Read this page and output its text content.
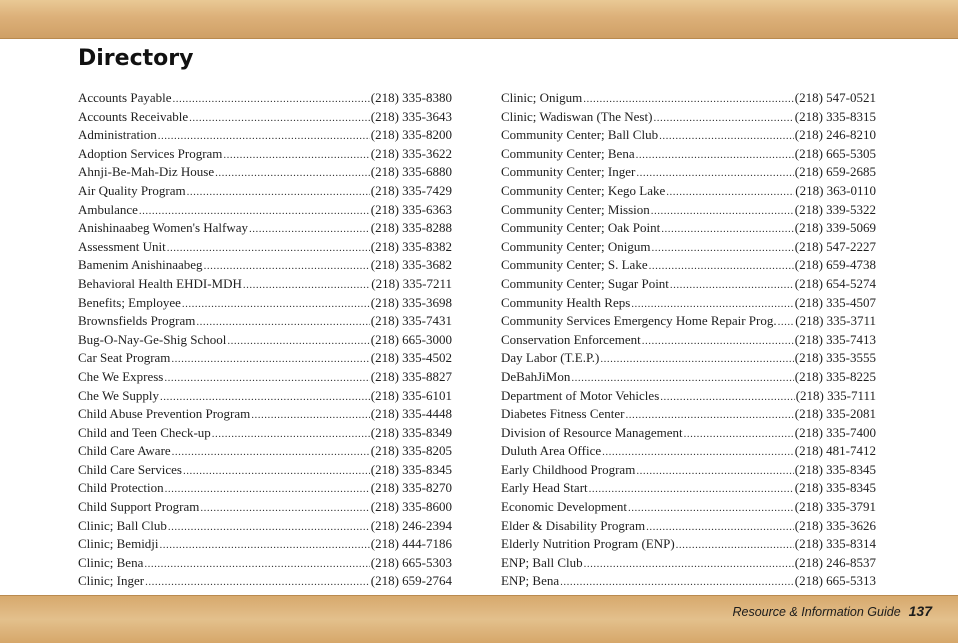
Directory
Accounts Payable .....	(218) 335-8380
Accounts Receivable .....	(218) 335-3643
Administration .....	(218) 335-8200
Adoption Services Program .....	(218) 335-3622
Ahnji-Be-Mah-Diz House .....	(218) 335-6880
Air Quality Program .....	(218) 335-7429
Ambulance .....	(218) 335-6363
Anishinaabeg Women's Halfway .....	(218) 335-8288
Assessment Unit .....	(218) 335-8382
Bamenim Anishinaabeg .....	(218) 335-3682
Behavioral Health EHDI-MDH .....	(218) 335-7211
Benefits; Employee .....	(218) 335-3698
Brownsfields Program .....	(218) 335-7431
Bug-O-Nay-Ge-Shig School .....	(218) 665-3000
Car Seat Program .....	(218) 335-4502
Che We Express .....	(218) 335-8827
Che We Supply .....	(218) 335-6101
Child Abuse Prevention Program .....	(218) 335-4448
Child and Teen Check-up .....	(218) 335-8349
Child Care Aware .....	(218) 335-8205
Child Care Services .....	(218) 335-8345
Child Protection .....	(218) 335-8270
Child Support Program .....	(218) 335-8600
Clinic; Ball Club .....	(218) 246-2394
Clinic; Bemidji .....	(218) 444-7186
Clinic; Bena .....	(218) 665-5303
Clinic; Inger .....	(218) 659-2764
Clinic; Onigum .....	(218) 547-0521
Clinic; Wadiswan (The Nest) .....	(218) 335-8315
Community Center; Ball Club .....	(218) 246-8210
Community Center; Bena .....	(218) 665-5305
Community Center; Inger .....	(218) 659-2685
Community Center; Kego Lake .....	(218) 363-0110
Community Center; Mission .....	(218) 339-5322
Community Center; Oak Point .....	(218) 339-5069
Community Center; Onigum .....	(218) 547-2227
Community Center; S. Lake .....	(218) 659-4738
Community Center; Sugar Point .....	(218) 654-5274
Community Health Reps .....	(218) 335-4507
Community Services Emergency Home Repair Prog. ..... (218) 335-3711
Conservation Enforcement .....	(218) 335-7413
Day Labor (T.E.P.) .....	(218) 335-3555
DeBahJiMon .....	(218) 335-8225
Department of Motor Vehicles .....	(218) 335-7111
Diabetes Fitness Center .....	(218) 335-2081
Division of Resource Management .....	(218) 335-7400
Duluth Area Office .....	(218) 481-7412
Early Childhood Program .....	(218) 335-8345
Early Head Start .....	(218) 335-8345
Economic Development .....	(218) 335-3791
Elder & Disability Program .....	(218) 335-3626
Elderly Nutrition Program (ENP) .....	(218) 335-8314
ENP; Ball Club .....	(218) 246-8537
ENP; Bena .....	(218) 665-5313
Resource & Information Guide 137
